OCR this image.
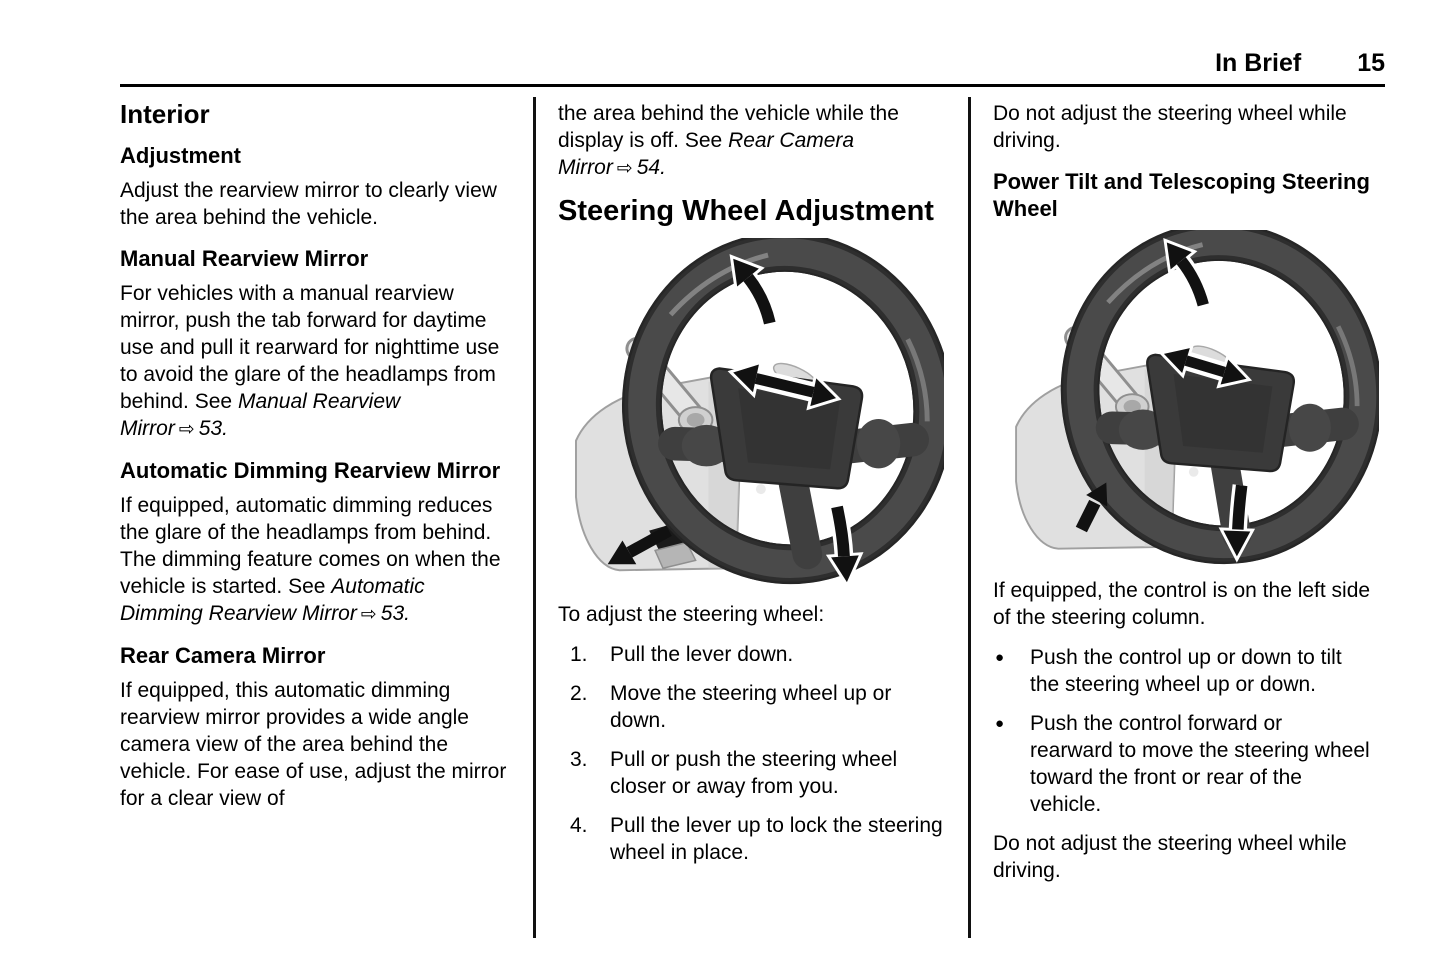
In Brief 15
Interior
Adjustment

Adjust the rearview mirror to clearly view the area behind the vehicle.

Manual Rearview Mirror

For vehicles with a manual rearview mirror, push the tab forward for daytime use and pull it rearward for nighttime use to avoid the glare of the headlamps from behind. See Manual Rearview Mirror ⇨ 53.

Automatic Dimming Rearview Mirror

If equipped, automatic dimming reduces the glare of the headlamps from behind. The dimming feature comes on when the vehicle is started. See Automatic Dimming Rearview Mirror ⇨ 53.

Rear Camera Mirror

If equipped, this automatic dimming rearview mirror provides a wide angle camera view of the area behind the vehicle. For ease of use, adjust the mirror for a clear view of

the area behind the vehicle while the display is off. See Rear Camera Mirror ⇨ 54.

Steering Wheel Adjustment

To adjust the steering wheel:

1.	Pull the lever down.
2.	Move the steering wheel up or down.
3.	Pull or push the steering wheel closer or away from you.
4.	Pull the lever up to lock the steering wheel in place.

Do not adjust the steering wheel while driving.

Power Tilt and Telescoping Steering Wheel

If equipped, the control is on the left side of the steering column.

●	Push the control up or down to tilt the steering wheel up or down.
●	Push the control forward or rearward to move the steering wheel toward the front or rear of the vehicle.

Do not adjust the steering wheel while driving.
